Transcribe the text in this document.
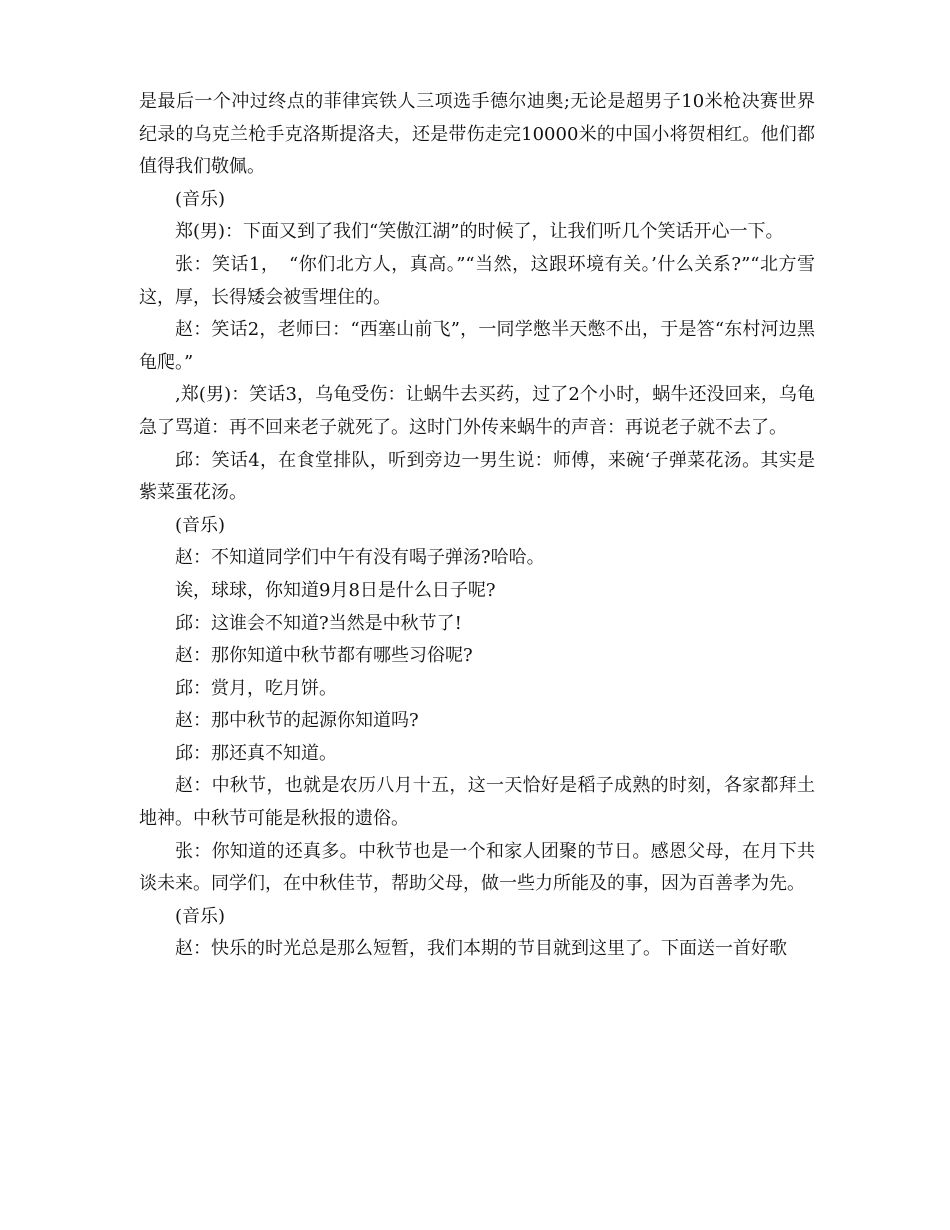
是最后一个冲过终点的菲律宾铁人三项选手德尔迪奥;无论是超男子10米枪决赛世界纪录的乌克兰枪手克洛斯提洛夫，还是带伤走完10000米的中国小将贺相红。他们都值得我们敬佩。

(音乐)

郑(男)：下面又到了我们“笑傲江湖”的时候了，让我们听几个笑话开心一下。

张：笑话1，　“你们北方人，真高。”“当然，这跟环境有关。’什么关系?”“北方雪这，厚，长得矮会被雪埋住的。

赵：笑话2，老师曰：“西塞山前飞”，一同学憋半天憋不出，于是答“东村河边黑龟爬。”

,郑(男)：笑话3，乌龟受伤：让蜗牛去买药，过了2个小时，蜗牛还没回来，乌龟急了骂道：再不回来老子就死了。这时门外传来蜗牛的声音：再说老子就不去了。

邱：笑话4，在食堂排队，听到旁边一男生说：师傅，来碗‘子弹菜花汤。其实是紫菜蛋花汤。

(音乐)

赵：不知道同学们中午有没有喝子弹汤?哈哈。

诶，球球，你知道9月8日是什么日子呢?

邱：这谁会不知道?当然是中秋节了!

赵：那你知道中秋节都有哪些习俗呢?

邱：赏月，吃月饼。

赵：那中秋节的起源你知道吗?

邱：那还真不知道。

赵：中秋节，也就是农历八月十五，这一天恰好是稻子成熟的时刻，各家都拜土地神。中秋节可能是秋报的遗俗。

张：你知道的还真多。中秋节也是一个和家人团聚的节日。感恩父母，在月下共谈未来。同学们，在中秋佳节，帮助父母，做一些力所能及的事，因为百善孝为先。

(音乐)

赵：快乐的时光总是那么短暂，我们本期的节目就到这里了。下面送一首好歌
